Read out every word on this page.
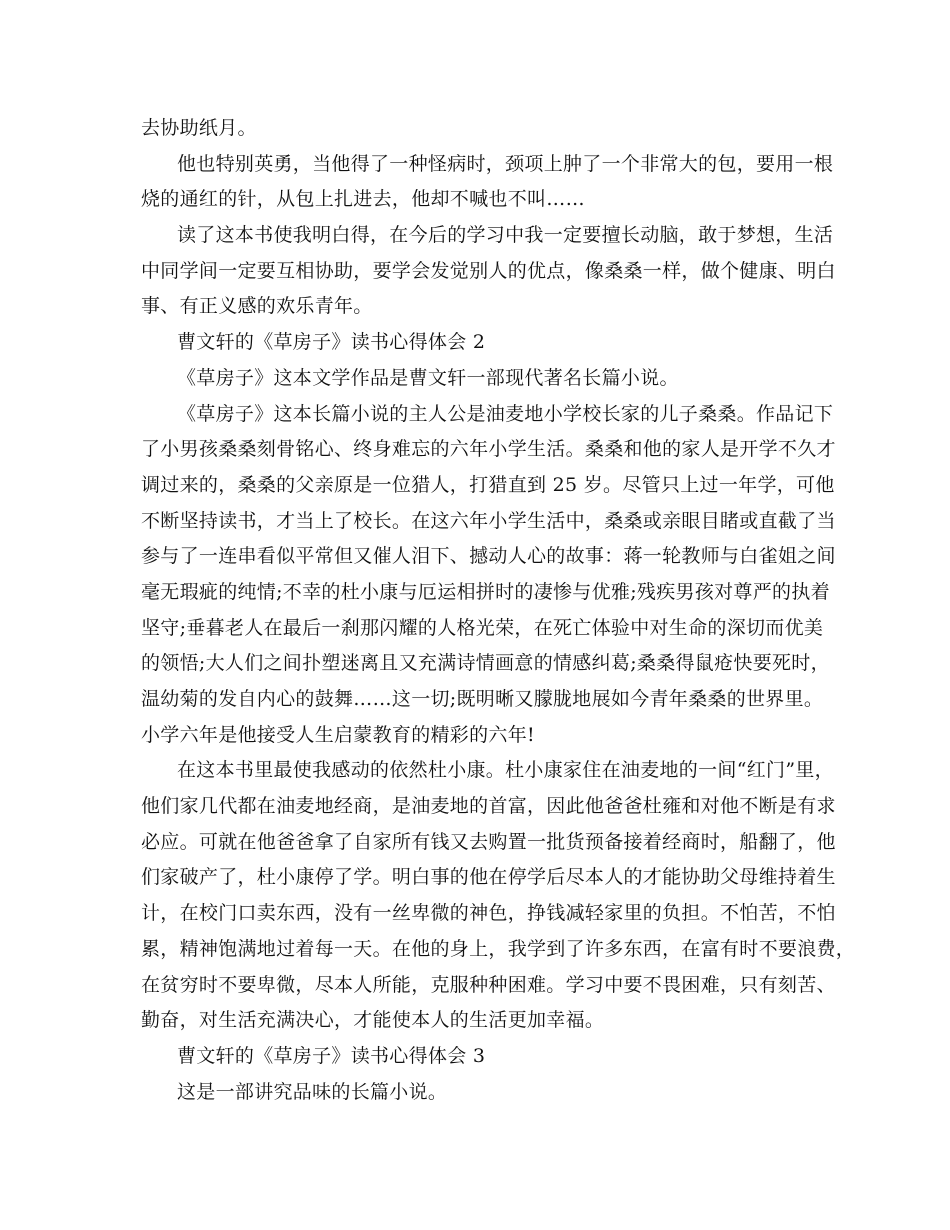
去协助纸月。
他也特别英勇，当他得了一种怪病时，颈项上肿了一个非常大的包，要用一根
烧的通红的针，从包上扎进去，他却不喊也不叫……
读了这本书使我明白得，在今后的学习中我一定要擅长动脑，敢于梦想，生活
中同学间一定要互相协助，要学会发觉别人的优点，像桑桑一样，做个健康、明白
事、有正义感的欢乐青年。
曹文轩的《草房子》读书心得体会 2
《草房子》这本文学作品是曹文轩一部现代著名长篇小说。
《草房子》这本长篇小说的主人公是油麦地小学校长家的儿子桑桑。作品记下
了小男孩桑桑刻骨铭心、终身难忘的六年小学生活。桑桑和他的家人是开学不久才
调过来的，桑桑的父亲原是一位猎人，打猎直到 25 岁。尽管只上过一年学，可他
不断坚持读书，才当上了校长。在这六年小学生活中，桑桑或亲眼目睹或直截了当
参与了一连串看似平常但又催人泪下、撼动人心的故事：蒋一轮教师与白雀姐之间
毫无瑕疵的纯情;不幸的杜小康与厄运相拼时的凄惨与优雅;残疾男孩对尊严的执着
坚守;垂暮老人在最后一刹那闪耀的人格光荣，在死亡体验中对生命的深切而优美
的领悟;大人们之间扑塑迷离且又充满诗情画意的情感纠葛;桑桑得鼠疮快要死时，
温幼菊的发自内心的鼓舞……这一切;既明晰又朦胧地展如今青年桑桑的世界里。
小学六年是他接受人生启蒙教育的精彩的六年!
在这本书里最使我感动的依然杜小康。杜小康家住在油麦地的一间“红门”里，
他们家几代都在油麦地经商，是油麦地的首富，因此他爸爸杜雍和对他不断是有求
必应。可就在他爸爸拿了自家所有钱又去购置一批货预备接着经商时，船翻了，他
们家破产了，杜小康停了学。明白事的他在停学后尽本人的才能协助父母维持着生
计，在校门口卖东西，没有一丝卑微的神色，挣钱减轻家里的负担。不怕苦，不怕
累，精神饱满地过着每一天。在他的身上，我学到了许多东西，在富有时不要浪费，
在贫穷时不要卑微，尽本人所能，克服种种困难。学习中要不畏困难，只有刻苦、
勤奋，对生活充满决心，才能使本人的生活更加幸福。
曹文轩的《草房子》读书心得体会 3
这是一部讲究品味的长篇小说。
